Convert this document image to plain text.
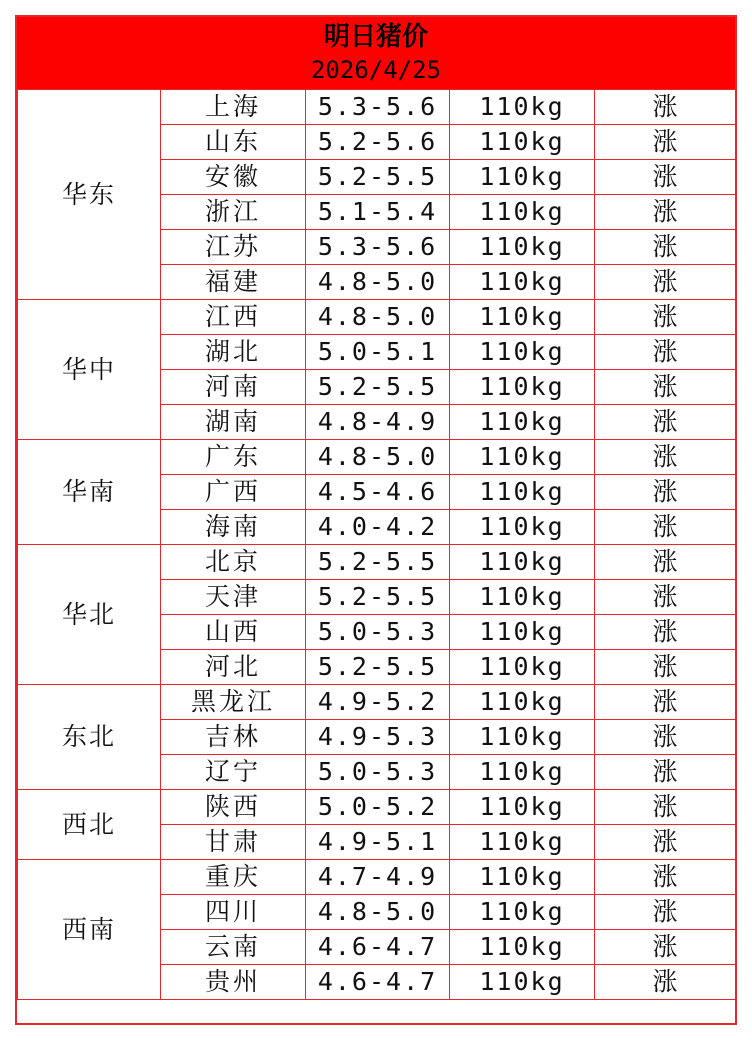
明日猪价
2026/4/25
华东	上海	5.3-5.6	110kg	涨
	山东	5.2-5.6	110kg	涨
	安徽	5.2-5.5	110kg	涨
	浙江	5.1-5.4	110kg	涨
	江苏	5.3-5.6	110kg	涨
	福建	4.8-5.0	110kg	涨
华中	江西	4.8-5.0	110kg	涨
	湖北	5.0-5.1	110kg	涨
	河南	5.2-5.5	110kg	涨
	湖南	4.8-4.9	110kg	涨
华南	广东	4.8-5.0	110kg	涨
	广西	4.5-4.6	110kg	涨
	海南	4.0-4.2	110kg	涨
华北	北京	5.2-5.5	110kg	涨
	天津	5.2-5.5	110kg	涨
	山西	5.0-5.3	110kg	涨
	河北	5.2-5.5	110kg	涨
东北	黑龙江	4.9-5.2	110kg	涨
	吉林	4.9-5.3	110kg	涨
	辽宁	5.0-5.3	110kg	涨
西北	陕西	5.0-5.2	110kg	涨
	甘肃	4.9-5.1	110kg	涨
西南	重庆	4.7-4.9	110kg	涨
	四川	4.8-5.0	110kg	涨
	云南	4.6-4.7	110kg	涨
	贵州	4.6-4.7	110kg	涨
